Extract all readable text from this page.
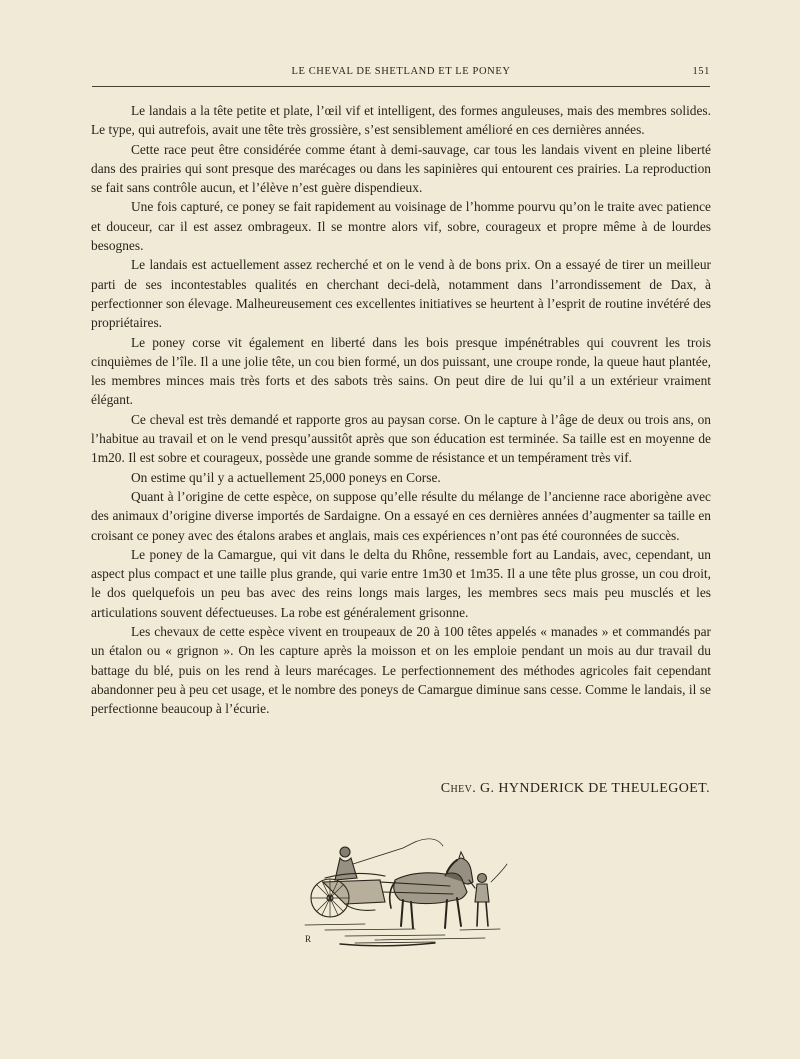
LE CHEVAL DE SHETLAND ET LE PONEY	151

Le landais a la tête petite et plate, l’œil vif et intelligent, des formes anguleuses, mais des membres solides. Le type, qui autrefois, avait une tête très grossière, s’est sensiblement amélioré en ces dernières années.

Cette race peut être considérée comme étant à demi-sauvage, car tous les landais vivent en pleine liberté dans des prairies qui sont presque des marécages ou dans les sapinières qui entourent ces prairies. La reproduction se fait sans contrôle aucun, et l’élève n’est guère dispendieux.

Une fois capturé, ce poney se fait rapidement au voisinage de l’homme pourvu qu’on le traite avec patience et douceur, car il est assez ombrageux. Il se montre alors vif, sobre, courageux et propre même à de lourdes besognes.

Le landais est actuellement assez recherché et on le vend à de bons prix. On a essayé de tirer un meilleur parti de ses incontestables qualités en cherchant deci-delà, notamment dans l’arrondissement de Dax, à perfectionner son élevage. Malheureusement ces excellentes initiatives se heurtent à l’esprit de routine invétéré des propriétaires.

Le poney corse vit également en liberté dans les bois presque impénétrables qui couvrent les trois cinquièmes de l’île. Il a une jolie tête, un cou bien formé, un dos puissant, une croupe ronde, la queue haut plantée, les membres minces mais très forts et des sabots très sains. On peut dire de lui qu’il a un extérieur vraiment élégant.

Ce cheval est très demandé et rapporte gros au paysan corse. On le capture à l’âge de deux ou trois ans, on l’habitue au travail et on le vend presqu’aussitôt après que son éducation est terminée. Sa taille est en moyenne de 1m20. Il est sobre et courageux, possède une grande somme de résistance et un tempérament très vif.

On estime qu’il y a actuellement 25,000 poneys en Corse.

Quant à l’origine de cette espèce, on suppose qu’elle résulte du mélange de l’ancienne race aborigène avec des animaux d’origine diverse importés de Sardaigne. On a essayé en ces dernières années d’augmenter sa taille en croisant ce poney avec des étalons arabes et anglais, mais ces expériences n’ont pas été couronnées de succès.

Le poney de la Camargue, qui vit dans le delta du Rhône, ressemble fort au Landais, avec, cependant, un aspect plus compact et une taille plus grande, qui varie entre 1m30 et 1m35. Il a une tête plus grosse, un cou droit, le dos quelquefois un peu bas avec des reins longs mais larges, les membres secs mais peu musclés et les articulations souvent défectueuses. La robe est généralement grisonne.

Les chevaux de cette espèce vivent en troupeaux de 20 à 100 têtes appelés « manades » et commandés par un étalon ou « grignon ». On les capture après la moisson et on les emploie pendant un mois au dur travail du battage du blé, puis on les rend à leurs marécages. Le perfectionnement des méthodes agricoles fait cependant abandonner peu à peu cet usage, et le nombre des poneys de Camargue diminue sans cesse. Comme le landais, il se perfectionne beaucoup à l’écurie.

Chev. G. HYNDERICK DE THEULEGOET.
R
